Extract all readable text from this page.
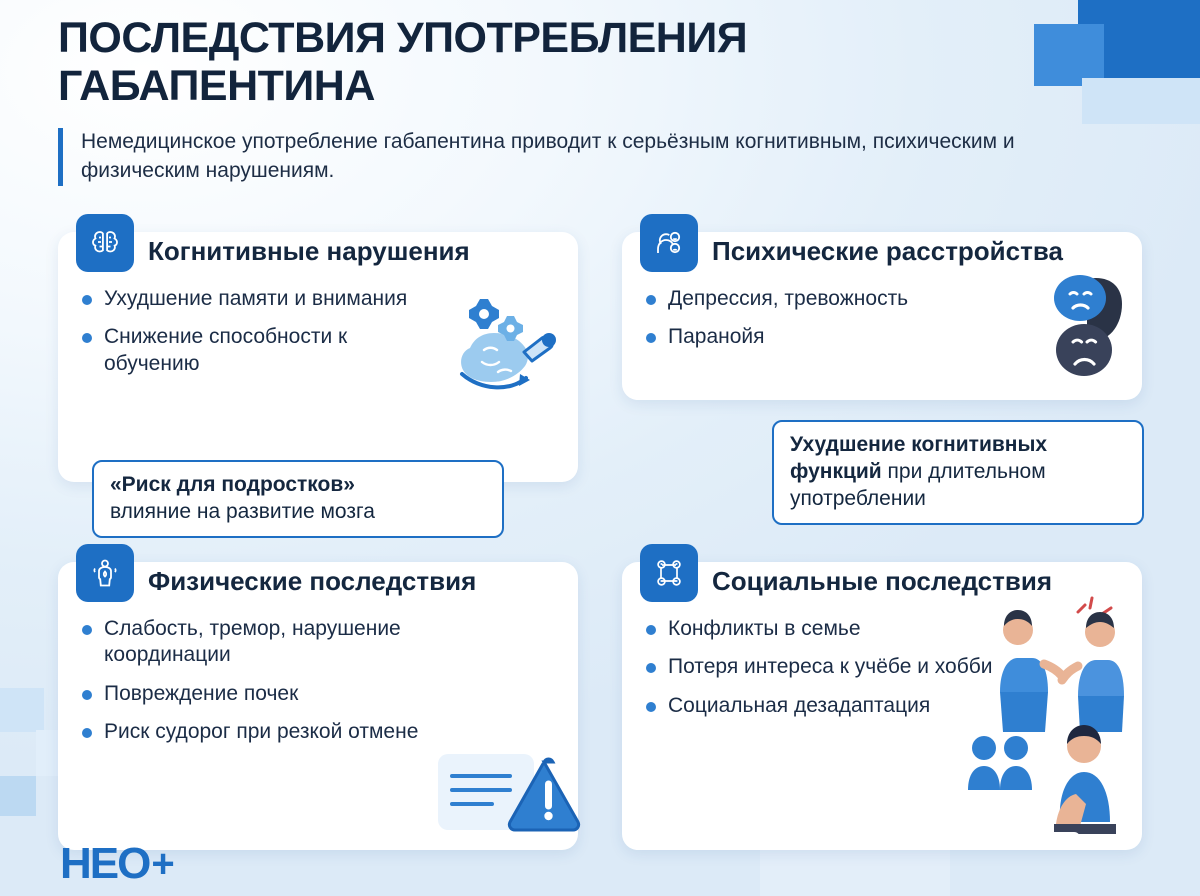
ПОСЛЕДСТВИЯ УПОТРЕБЛЕНИЯ ГАБАПЕНТИНА

Немедицинское употребление габапентина приводит к серьёзным когнитивным, психическим и физическим нарушениям.

Когнитивные нарушения
Ухудшение памяти и внимания
Снижение способности к обучению
Психические расстройства
Депрессия, тревожность
Паранойя
Физические последствия
Слабость, тремор, нарушение координации
Повреждение почек
Риск судорог при резкой отмене
Социальные последствия
Конфликты в семье
Потеря интереса к учёбе и хобби
Социальная дезадаптация
«Риск для подростков»
влияние на развитие мозга
Ухудшение когнитивных функций при длительном употреблении
НЕО +
